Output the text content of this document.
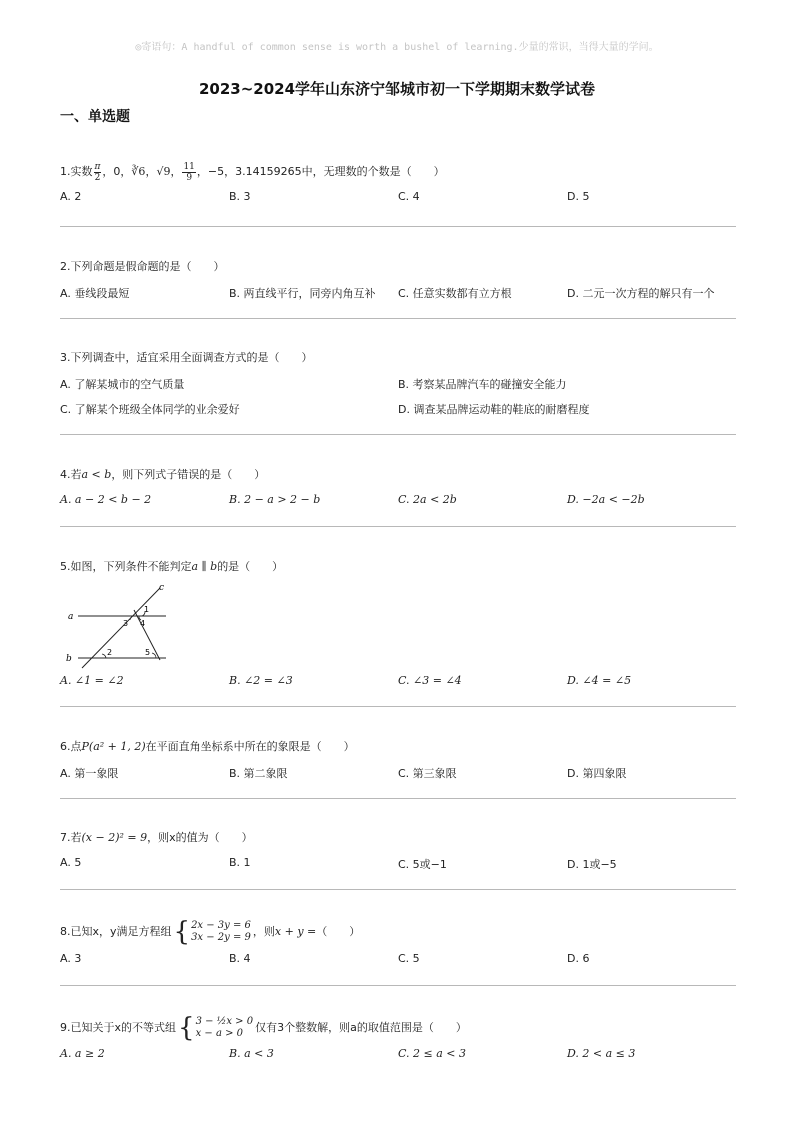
◎寄语句：A handful of common sense is worth a bushel of learning.少量的常识，当得大量的学问。
2023~2024学年山东济宁邹城市初一下学期期末数学试卷
一、单选题
1.实数 $\frac{\pi}{2}$ ，0， ∛6 ， √9 ， $\frac{11}{9}$ ，−5，3.14159265中，无理数的个数是（　　）
A. 2	B. 3	C. 4	D. 5
2.下列命题是假命题的是（　　）
A. 垂线段最短	B. 两直线平行，同旁内角互补 C. 任意实数都有立方根	D. 二元一次方程的解只有一个
3.下列调查中，适宜采用全面调查方式的是（　　）
A. 了解某城市的空气质量	B. 考察某品牌汽车的碰撞安全能力
C. 了解某个班级全体同学的业余爱好	D. 调查某品牌运动鞋的鞋底的耐磨程度
4.若 a < b ，则下列式子错误的是（　　）
A. a − 2 < b − 2	B. 2 − a > 2 − b	C. 2a < 2b	D. −2a < −2b
5.如图，下列条件不能判定 a ∥ b 的是（　　）
a
b
c
1
2
3 4
5
A. ∠1 = ∠2	B. ∠2 = ∠3	C. ∠3 = ∠4	D. ∠4 = ∠5
6.点 P(a² + 1, 2) 在平面直角坐标系中所在的象限是（　　）
A. 第一象限	B. 第二象限	C. 第三象限	D. 第四象限
7.若 (x − 2)² = 9 ，则x的值为（　　）
A. 5	B. 1	C. 5或−1	D. 1或−5
8.已知x，y满足方程组 { 2x − 3y = 6
3x − 2y = 9 ，则 x + y = （　　）
A. 3	B. 4	C. 5	D. 6
9.已知关于x的不等式组 { 3 − ½x > 0
x − a > 0	仅有3个整数解，则a的取值范围是（　　）
A. a ≥ 2	B. a < 3	C. 2 ≤ a < 3	D. 2 < a ≤ 3
